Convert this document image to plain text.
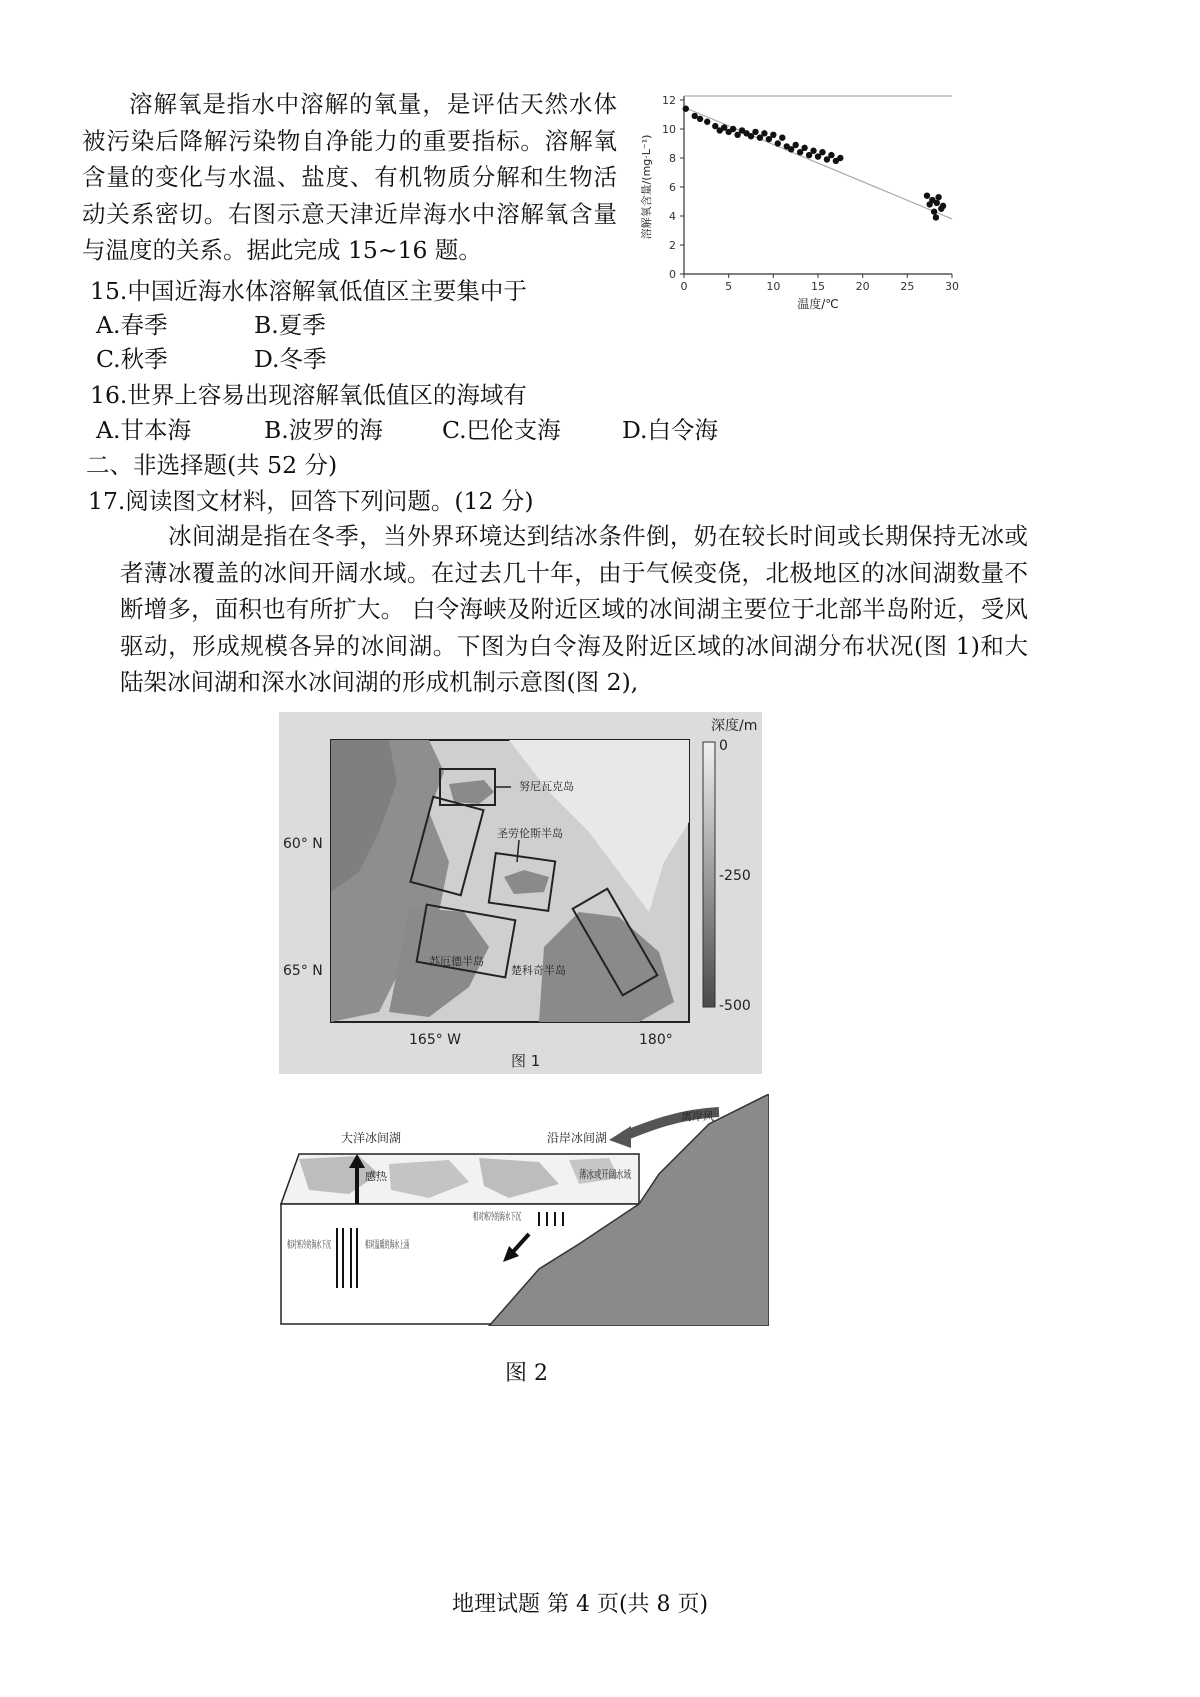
溶解氧是指水中溶解的氧量，是评估天然水体被污染后降解污染物自净能力的重要指标。溶解氧含量的变化与水温、盐度、有机物质分解和生物活动关系密切。右图示意天津近岸海水中溶解氧含量与温度的关系。据此完成 15~16 题。

0
2
4
6
8
10
12
0	5	10	15	20	25	30
温度/℃
溶解氧含量/(mg·L⁻¹)
15.中国近海水体溶解氧低值区主要集中于
A.春季	B.夏季
C.秋季	D.冬季
16.世界上容易出现溶解氧低值区的海域有
A.甘本海	B.波罗的海	C.巴伦支海	D.白令海
二、非选择题(共 52 分)
17.阅读图文材料，回答下列问题。(12 分)

冰间湖是指在冬季，当外界环境达到结冰条件倒，奶在较长时间或长期保持无冰或者薄冰覆盖的冰间开阔水域。在过去几十年，由于气候变侥，北极地区的冰间湖数量不断增多，面积也有所扩大。 白令海峡及附近区域的冰间湖主要位于北部半岛附近，受风驱动，形成规模各异的冰间湖。下图为白令海及附近区域的冰间湖分布状况(图 1)和大陆架冰间湖和深水冰间湖的形成机制示意图(图 2),

努尼瓦克岛
圣劳伦斯半岛
苏厄德半岛
楚科奇半岛
60° N
65° N
165° W	180°
深度/m
0
-250
-500
图 1
离岸风
大洋冰间湖	沿岸冰间湖
感热	薄冰或开阔水域
相对寒冷的海水下沉
图 2
地理试题 第 4 页(共 8 页)
